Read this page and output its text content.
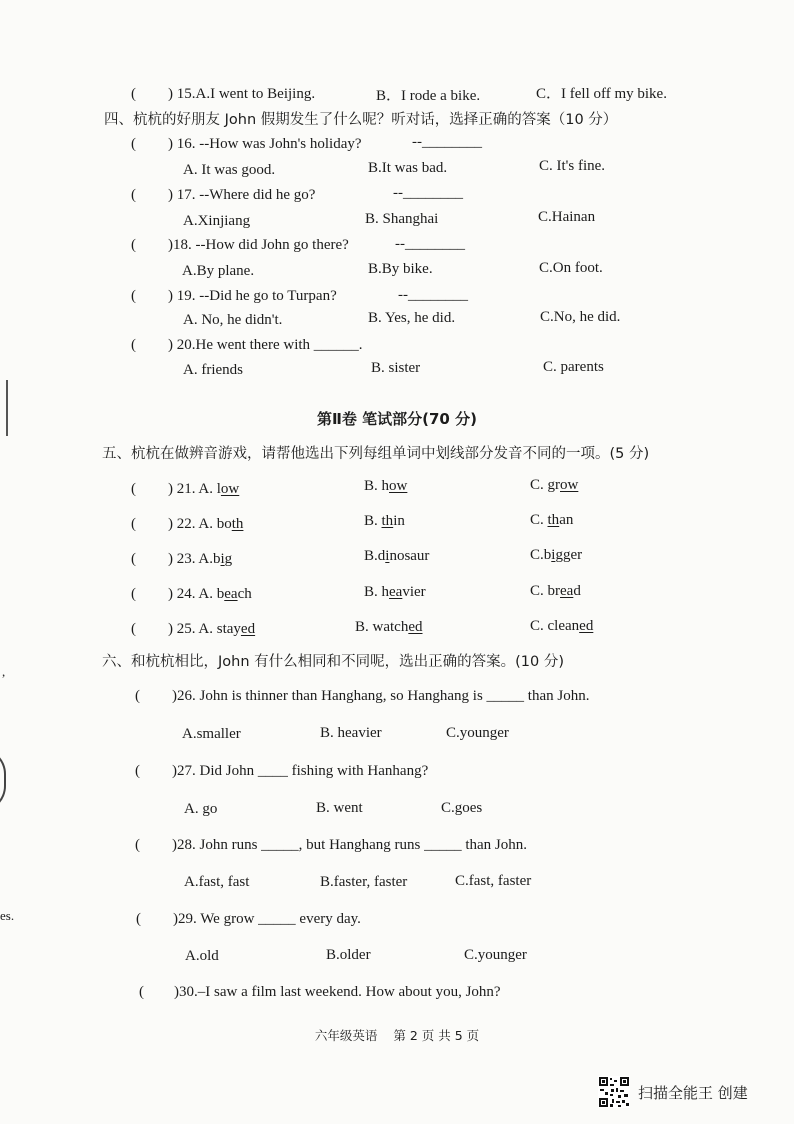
( ) 15.A.I went to Beijing.	B．I rode a bike.	C．I fell off my bike.
四、杭杭的好朋友 John 假期发生了什么呢？听对话，选择正确的答案（10 分）
( ) 16. --How was John's holiday?	--________
A. It was good.	B.It was bad.	C. It's fine.
( ) 17. --Where did he go?	--________
A.Xinjiang	B. Shanghai	C.Hainan
( )18. --How did John go there?	--________
A.By plane.	B.By bike.	C.On foot.
( ) 19. --Did he go to Turpan?	--________
A. No, he didn't.	B. Yes, he did.	C.No, he did.
( ) 20.He went there with ______.
A. friends	B. sister	C. parents
第Ⅱ卷 笔试部分(70 分)
五、杭杭在做辨音游戏，请帮他选出下列每组单词中划线部分发音不同的一项。(5 分)
( ) 21. A. low	B. how	C. grow
( ) 22. A. both	B. thin	C. than
( ) 23. A.big	B.dinosaur	C.bigger
( ) 24. A. beach	B. heavier	C. bread
( ) 25. A. stayed	B. watched	C. cleaned
六、和杭杭相比，John 有什么相同和不同呢，选出正确的答案。(10 分)
( )26. John is thinner than Hanghang, so Hanghang is _____ than John.
A.smaller	B. heavier	C.younger
( )27. Did John ____ fishing with Hanhang?
A. go	B. went	C.goes
( )28. John runs _____, but Hanghang runs _____ than John.
A.fast, fast	B.faster, faster	C.fast, faster
( )29. We grow _____ every day.
A.old	B.older	C.younger
( )30.–I saw a film last weekend. How about you, John?
六年级英语 第 2 页 共 5 页
,
es.
扫描全能王 创建
